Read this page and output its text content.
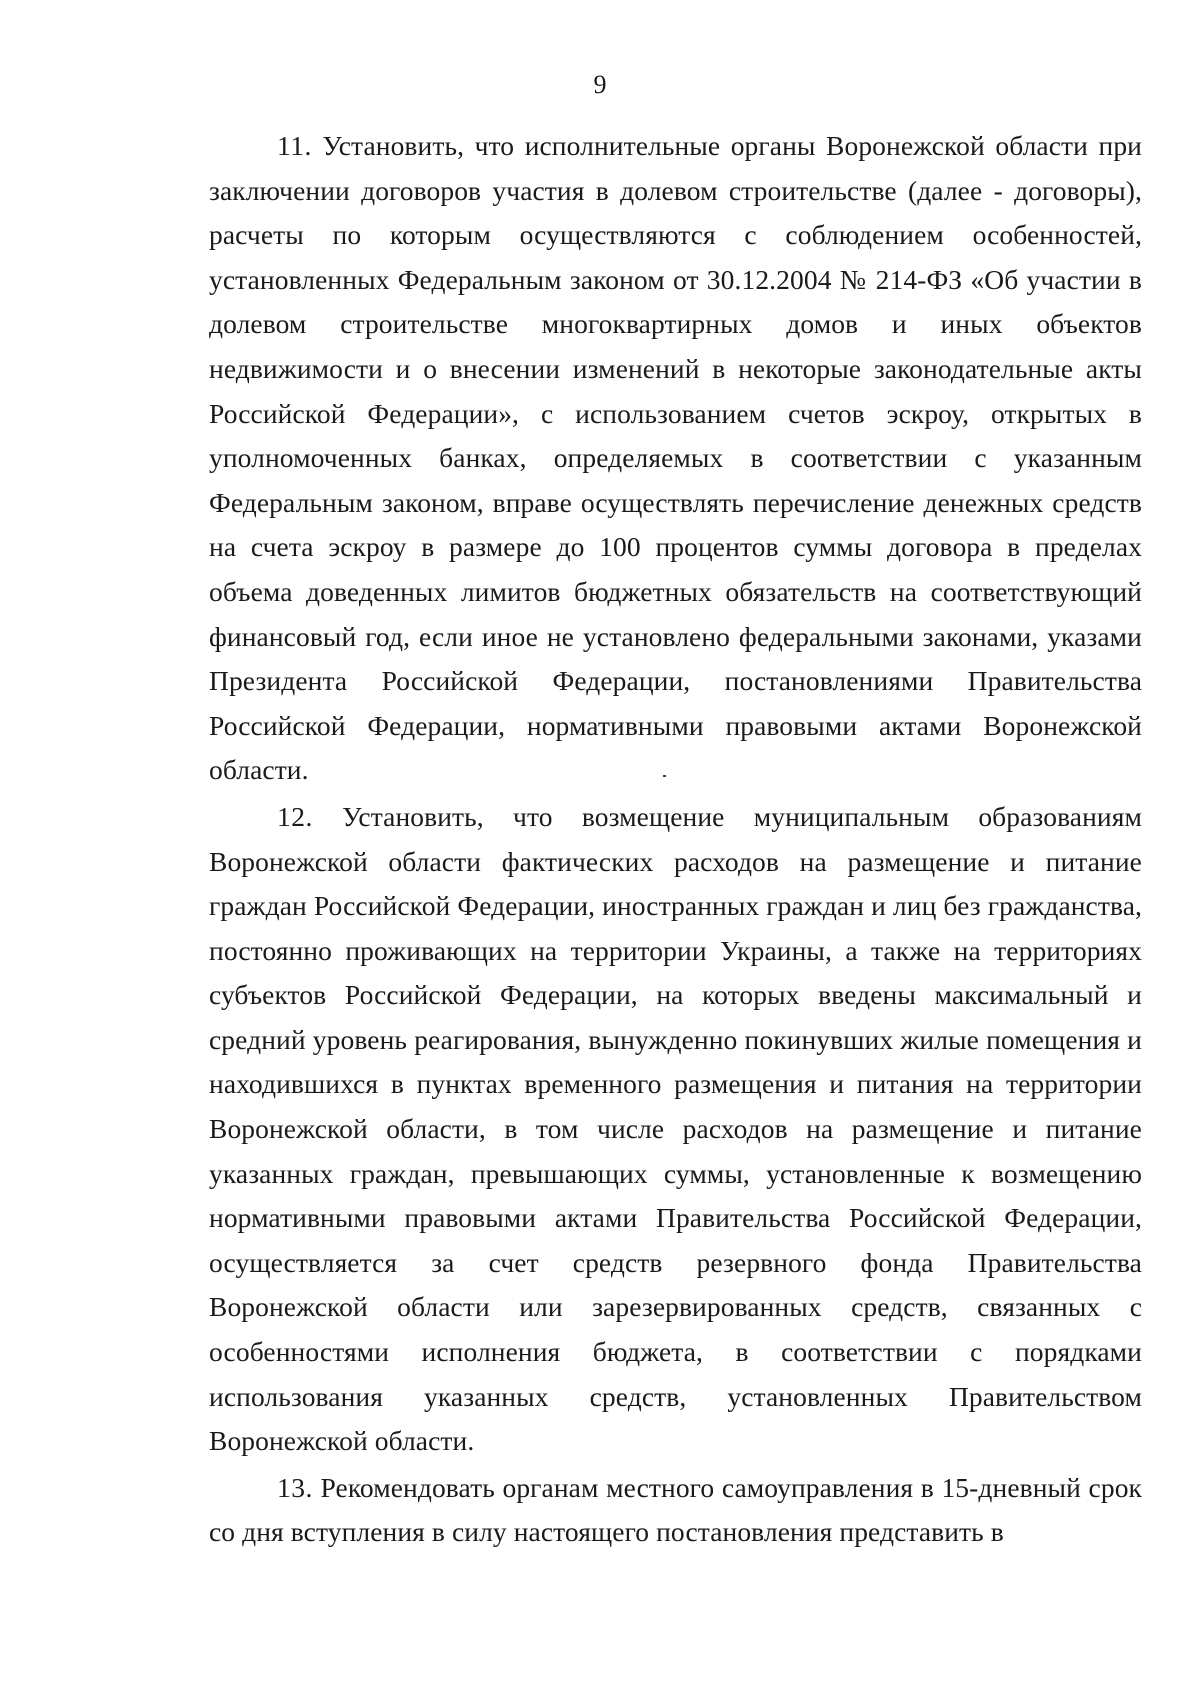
9

11. Установить, что исполнительные органы Воронежской области при заключении договоров участия в долевом строительстве (далее - договоры), расчеты по которым осуществляются с соблюдением особенностей, установленных Федеральным законом от 30.12.2004 № 214-ФЗ «Об участии в долевом строительстве многоквартирных домов и иных объектов недвижимости и о внесении изменений в некоторые законодательные акты Российской Федерации», с использованием счетов эскроу, открытых в уполномоченных банках, определяемых в соответствии с указанным Федеральным законом, вправе осуществлять перечисление денежных средств на счета эскроу в размере до 100 процентов суммы договора в пределах объема доведенных лимитов бюджетных обязательств на соответствующий финансовый год, если иное не установлено федеральными законами, указами Президента Российской Федерации, постановлениями Правительства Российской Федерации, нормативными правовыми актами Воронежской области.

12. Установить, что возмещение муниципальным образованиям Воронежской области фактических расходов на размещение и питание граждан Российской Федерации, иностранных граждан и лиц без гражданства, постоянно проживающих на территории Украины, а также на территориях субъектов Российской Федерации, на которых введены максимальный и средний уровень реагирования, вынужденно покинувших жилые помещения и находившихся в пунктах временного размещения и питания на территории Воронежской области, в том числе расходов на размещение и питание указанных граждан, превышающих суммы, установленные к возмещению нормативными правовыми актами Правительства Российской Федерации, осуществляется за счет средств резервного фонда Правительства Воронежской области или зарезервированных средств, связанных с особенностями исполнения бюджета, в соответствии с порядками использования указанных средств, установленных Правительством Воронежской области.

13. Рекомендовать органам местного самоуправления в 15-дневный срок со дня вступления в силу настоящего постановления представить в
